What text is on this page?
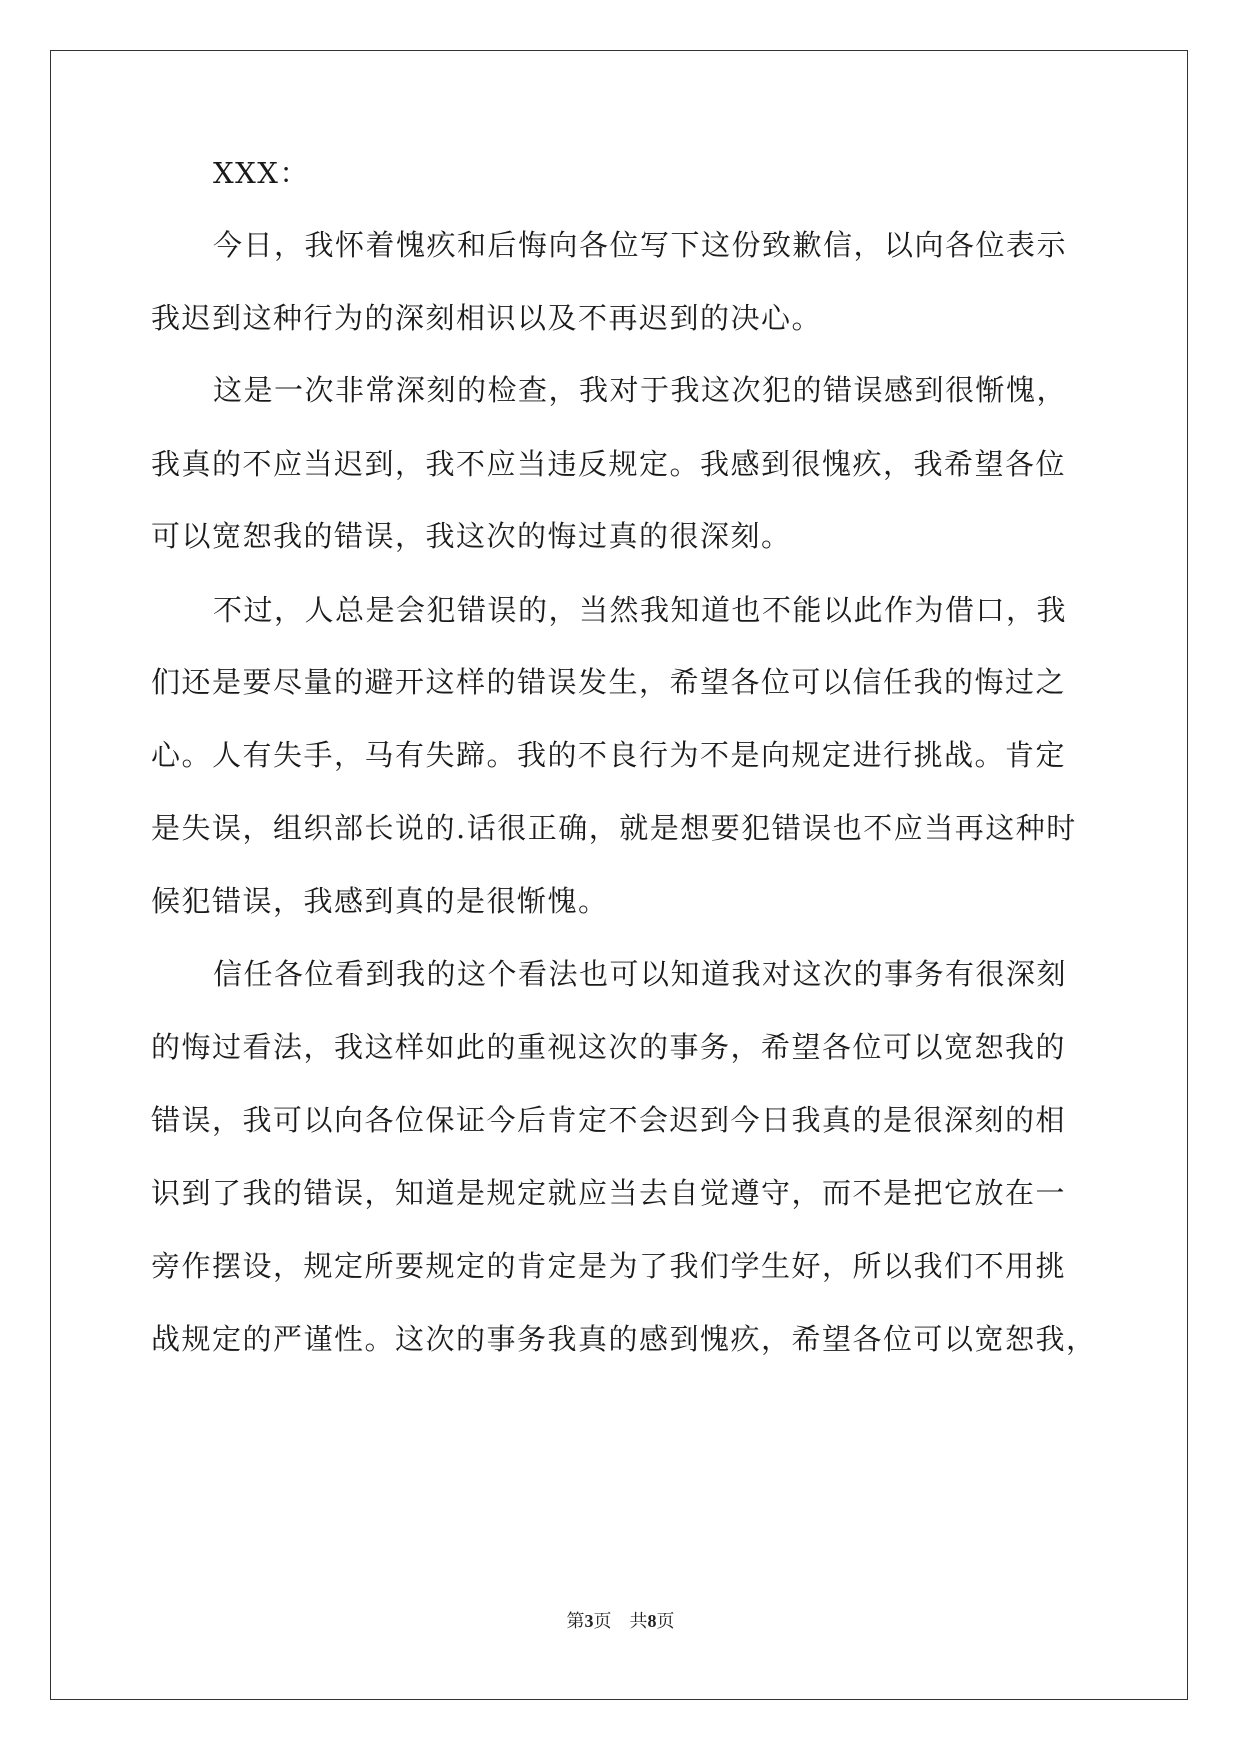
XXX：
今日，我怀着愧疚和后悔向各位写下这份致歉信，以向各位表示
我迟到这种行为的深刻相识以及不再迟到的决心。
这是一次非常深刻的检查，我对于我这次犯的错误感到很惭愧，
我真的不应当迟到，我不应当违反规定。我感到很愧疚，我希望各位
可以宽恕我的错误，我这次的悔过真的很深刻。
不过，人总是会犯错误的，当然我知道也不能以此作为借口，我
们还是要尽量的避开这样的错误发生，希望各位可以信任我的悔过之
心。人有失手，马有失蹄。我的不良行为不是向规定进行挑战。肯定
是失误，组织部长说的.话很正确，就是想要犯错误也不应当再这种时
候犯错误，我感到真的是很惭愧。
信任各位看到我的这个看法也可以知道我对这次的事务有很深刻
的悔过看法，我这样如此的重视这次的事务，希望各位可以宽恕我的
错误，我可以向各位保证今后肯定不会迟到今日我真的是很深刻的相
识到了我的错误，知道是规定就应当去自觉遵守，而不是把它放在一
旁作摆设，规定所要规定的肯定是为了我们学生好，所以我们不用挑
战规定的严谨性。这次的事务我真的感到愧疚，希望各位可以宽恕我，
第3页 共8页
